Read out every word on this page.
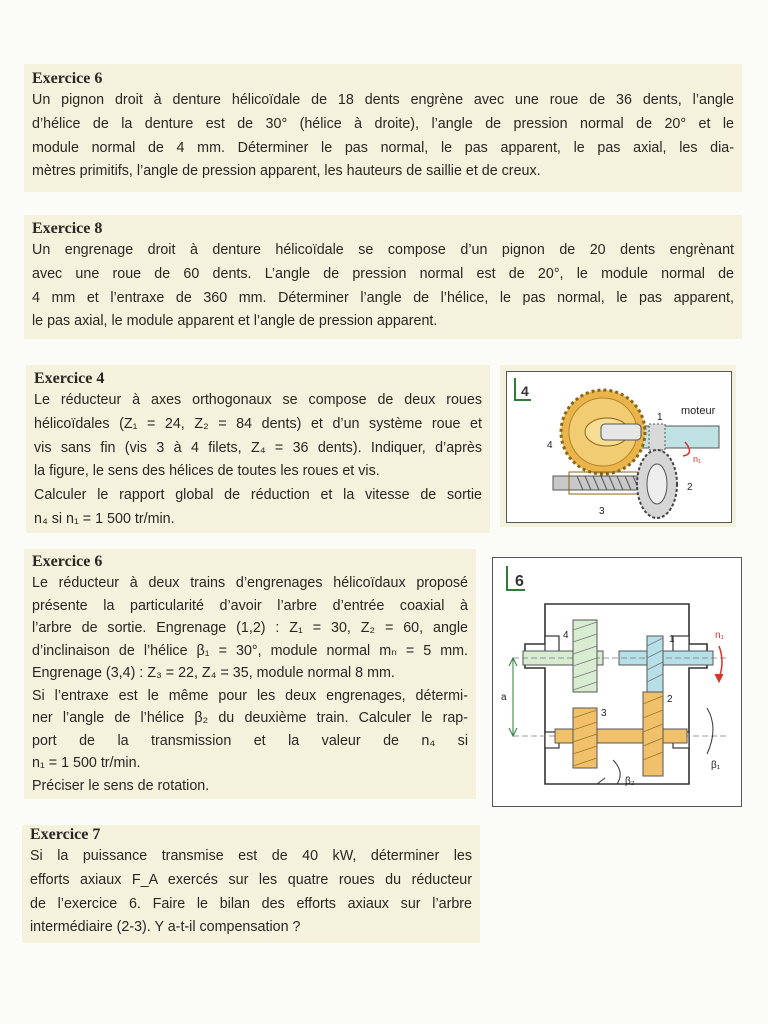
Exercice 6

Un pignon droit à denture hélicoïdale de 18 dents engrène avec une roue de 36 dents, l’angle

d’hélice de la denture est de 30° (hélice à droite), l’angle de pression normal de 20° et le

module normal de 4 mm. Déterminer le pas normal, le pas apparent, le pas axial, les dia-

mètres primitifs, l’angle de pression apparent, les hauteurs de saillie et de creux.

Exercice 8

Un engrenage droit à denture hélicoïdale se compose d’un pignon de 20 dents engrènant

avec une roue de 60 dents. L’angle de pression normal est de 20°, le module normal de

4 mm et l’entraxe de 360 mm. Déterminer l’angle de l’hélice, le pas normal, le pas apparent,

le pas axial, le module apparent et l’angle de pression apparent.

Exercice 4

Le réducteur à axes orthogonaux se compose de deux roues

hélicoïdales (Z₁ = 24, Z₂ = 84 dents) et d’un système roue et

vis sans fin (vis 3 à 4 filets, Z₄ = 36 dents). Indiquer, d’après

la figure, le sens des hélices de toutes les roues et vis.

Calculer le rapport global de réduction et la vitesse de sortie

n₄ si n₁ = 1 500 tr/min.

4
moteur
n₁
1
4
3
2

Exercice 6

Le réducteur à deux trains d’engrenages hélicoïdaux proposé

présente la particularité d’avoir l’arbre d’entrée coaxial à

l’arbre de sortie. Engrenage (1,2) : Z₁ = 30, Z₂ = 60, angle

d’inclinaison de l’hélice β₁ = 30°, module normal mₙ = 5 mm.

Engrenage (3,4) : Z₃ = 22, Z₄ = 35, module normal 8 mm.

Si l’entraxe est le même pour les deux engrenages, détermi-

ner l’angle de l’hélice β₂ du deuxième train. Calculer le rap-

port de la transmission et la valeur de n₄ si

n₁ = 1 500 tr/min.

Préciser le sens de rotation.

6
4	1
3
2
a
n₁
β₂
β₁

Exercice 7

Si la puissance transmise est de 40 kW, déterminer les

efforts axiaux F_A exercés sur les quatre roues du réducteur

de l’exercice 6. Faire le bilan des efforts axiaux sur l’arbre

intermédiaire (2-3). Y a-t-il compensation ?
